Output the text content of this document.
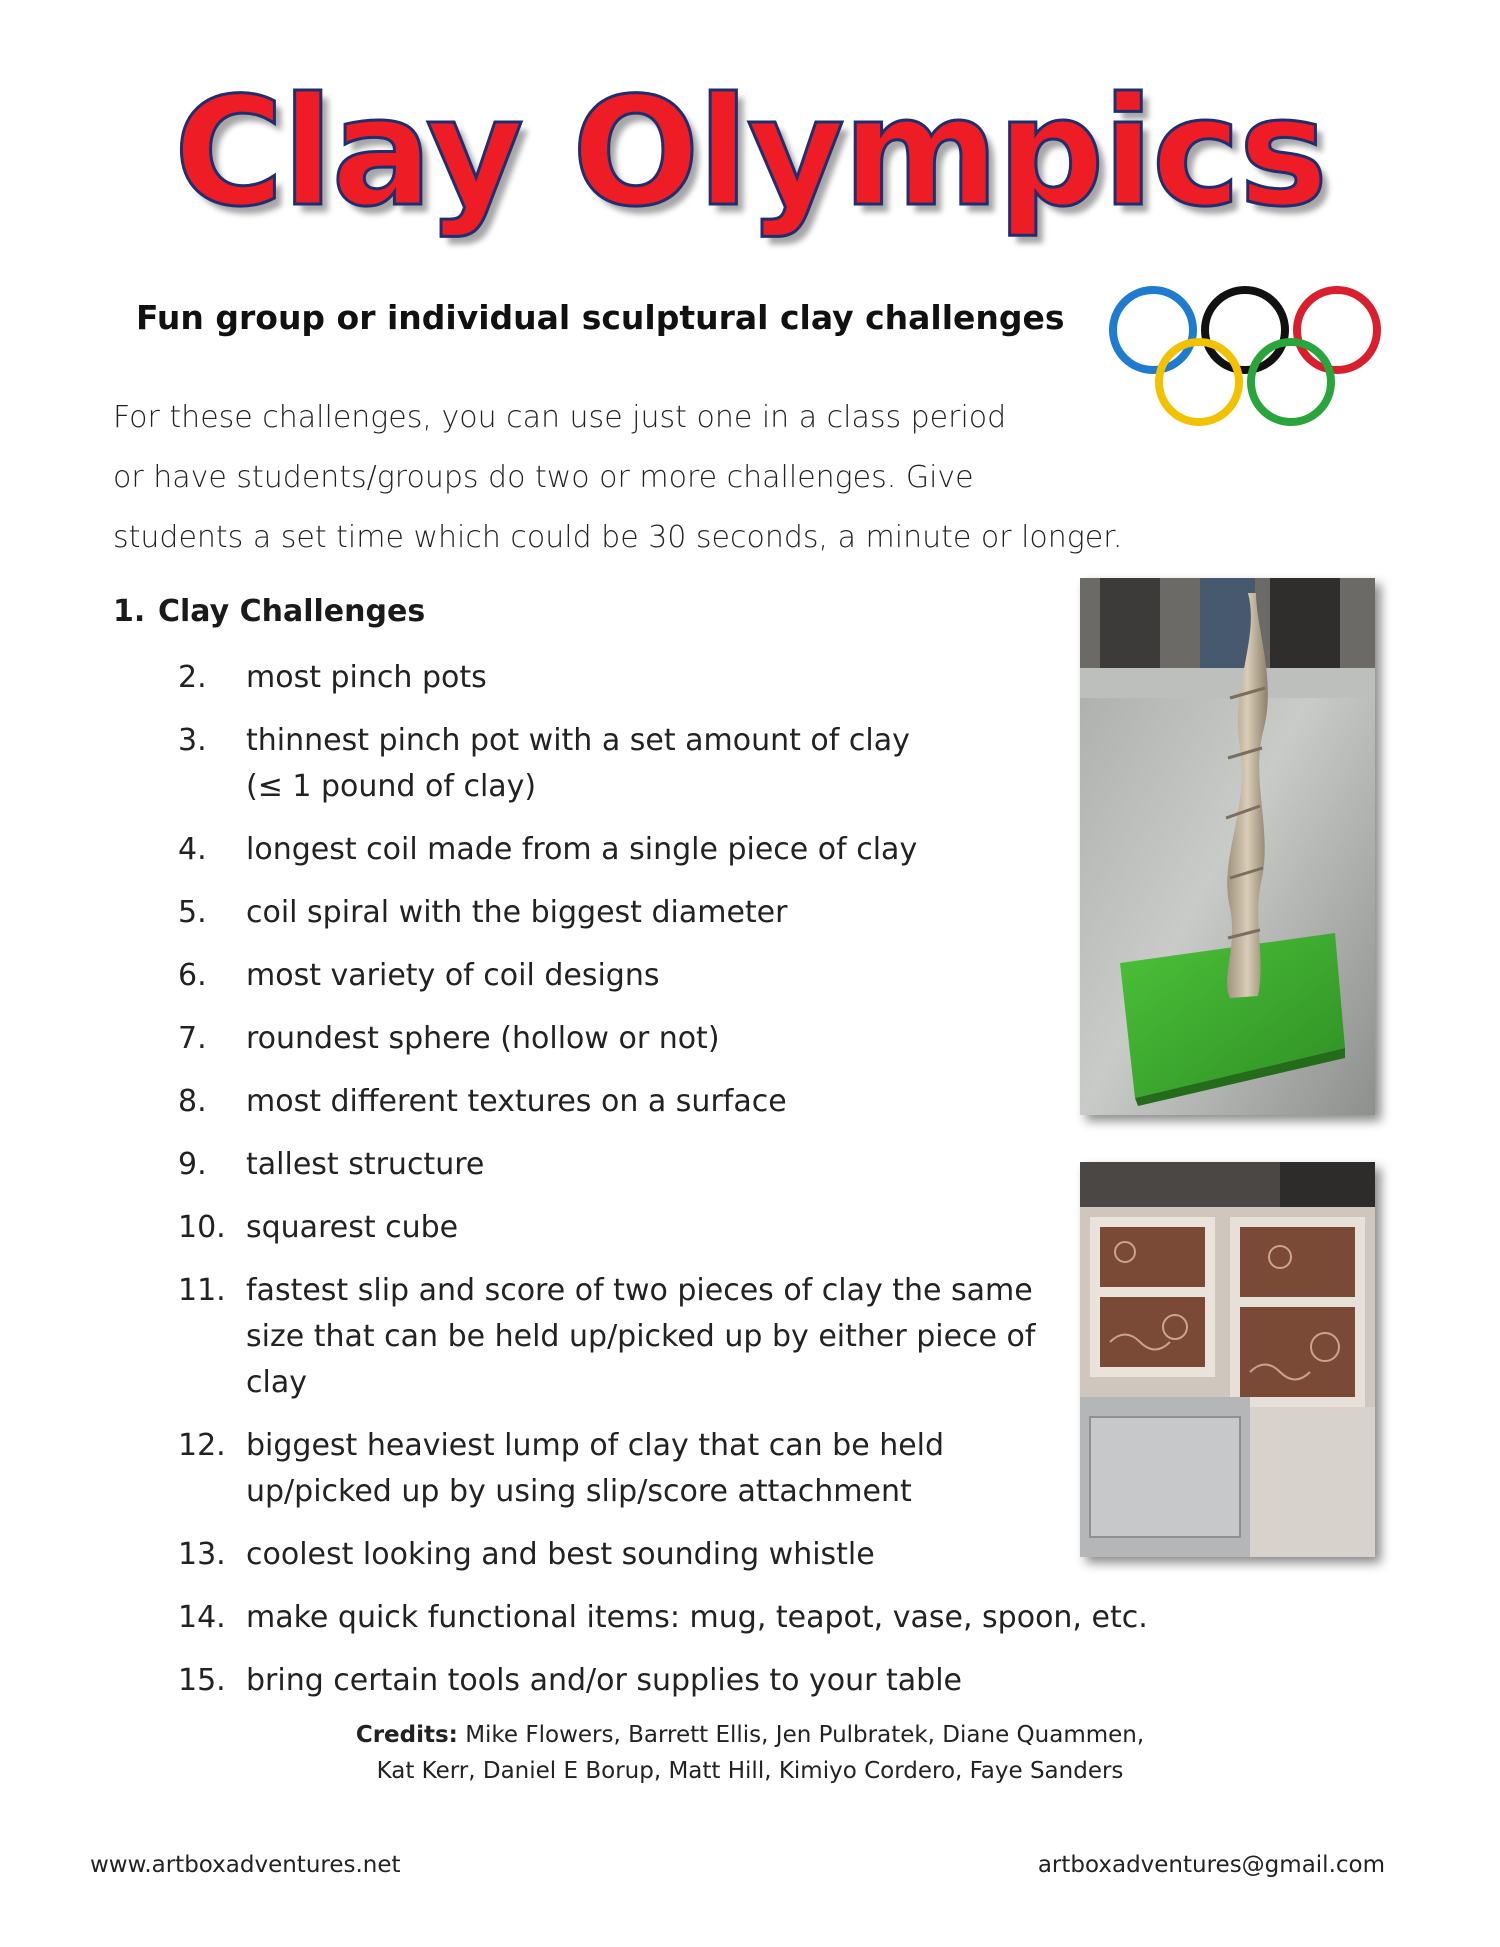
Clay Olympics

Fun group or individual sculptural clay challenges

For these challenges, you can use just one in a class period
or have students/groups do two or more challenges. Give
students a set time which could be 30 seconds, a minute or longer.

1. Clay Challenges

2.	most pinch pots
3.	thinnest pinch pot with a set amount of clay
(≤ 1 pound of clay)
4.	longest coil made from a single piece of clay
5.	coil spiral with the biggest diameter
6.	most variety of coil designs
7.	roundest sphere (hollow or not)
8.	most different textures on a surface
9.	tallest structure
10. squarest cube
11. fastest slip and score of two pieces of clay the same size that can be held up/picked up by either piece of clay
12. biggest heaviest lump of clay that can be held up/picked up by using slip/score attachment
13. coolest looking and best sounding whistle
14. make quick functional items: mug, teapot, vase, spoon, etc.
15. bring certain tools and/or supplies to your table

Credits: Mike Flowers, Barrett Ellis, Jen Pulbratek, Diane Quammen,

Kat Kerr, Daniel E Borup, Matt Hill, Kimiyo Cordero, Faye Sanders

www.artboxadventures.net	artboxadventures@gmail.com
